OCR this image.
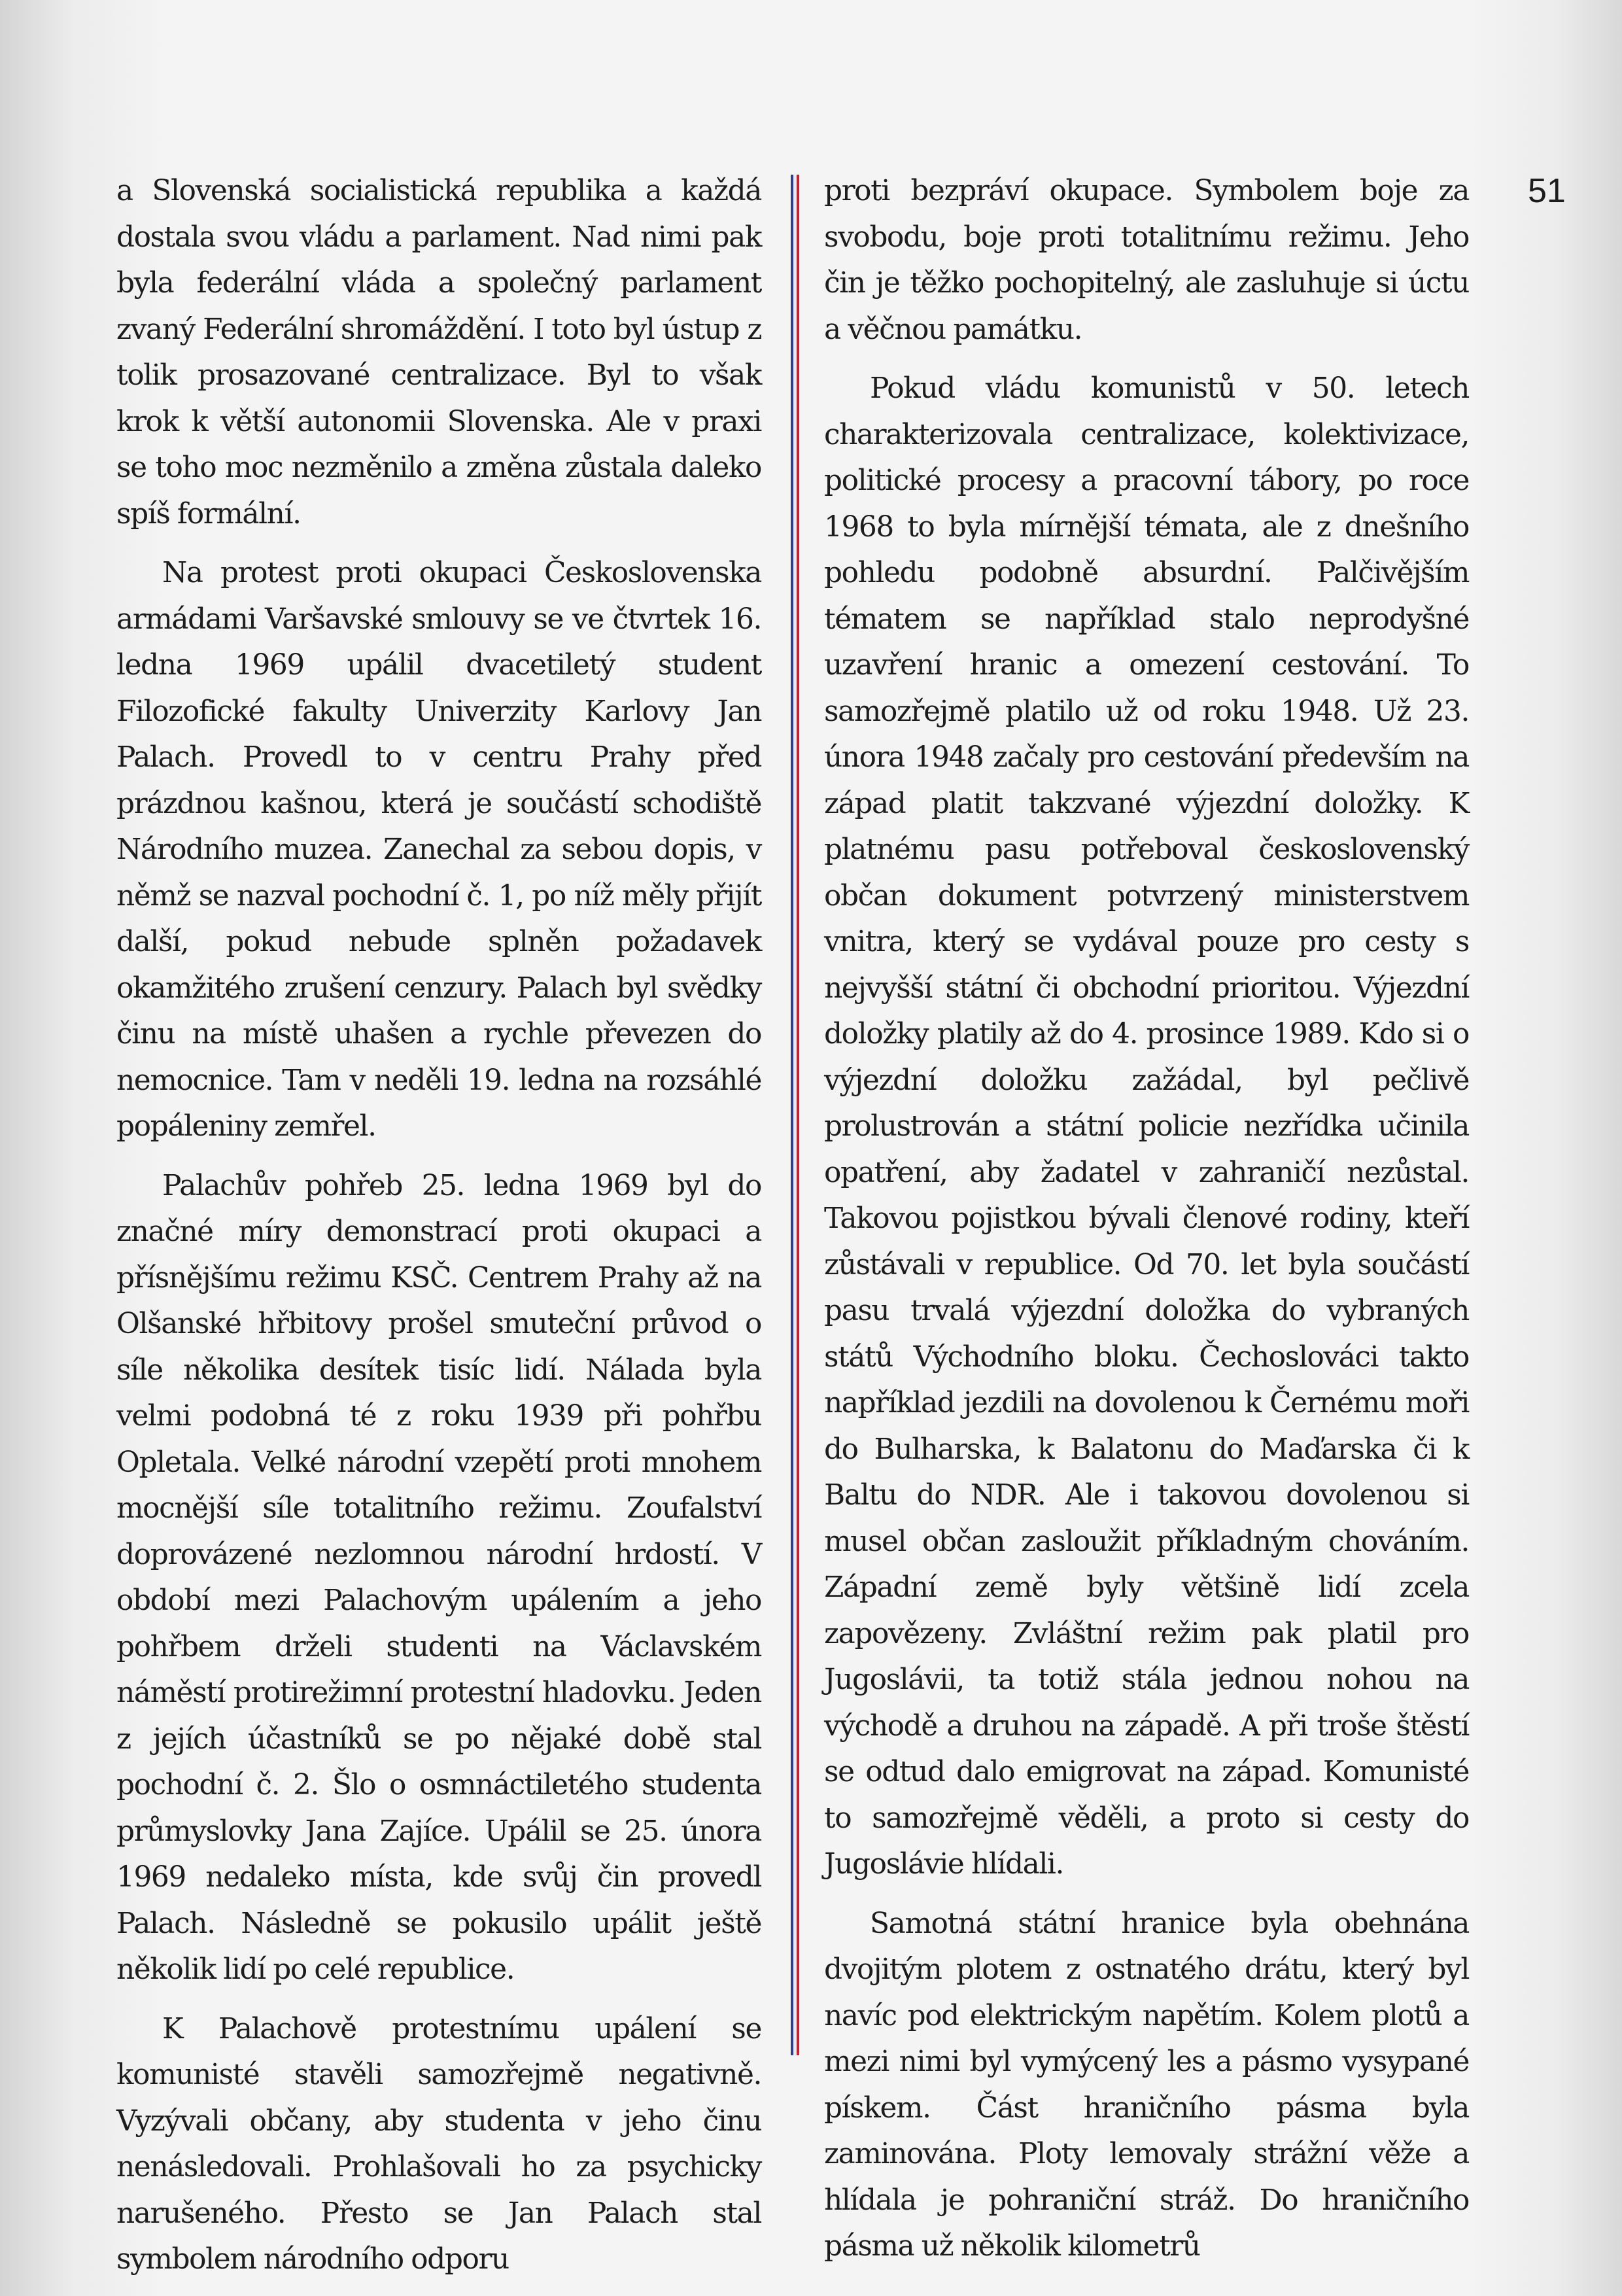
51

a Slovenská socialistická republika a každá dostala svou vládu a parlament. Nad nimi pak byla federální vláda a společný parlament zvaný Federální shromáždění. I toto byl ústup z tolik prosazované centralizace. Byl to však krok k větší autonomii Slovenska. Ale v praxi se toho moc nezměnilo a změna zůstala daleko spíš formální.

Na protest proti okupaci Československa armádami Varšavské smlouvy se ve čtvrtek 16. ledna 1969 upálil dvacetiletý student Filozofické fakulty Univerzity Karlovy Jan Palach. Provedl to v centru Prahy před prázdnou kašnou, která je součástí schodiště Národního muzea. Zanechal za sebou dopis, v němž se nazval pochodní č. 1, po níž měly přijít další, pokud nebude splněn požadavek okamžitého zrušení cenzury. Palach byl svědky činu na místě uhašen a rychle převezen do nemocnice. Tam v neděli 19. ledna na rozsáhlé popáleniny zemřel.

Palachův pohřeb 25. ledna 1969 byl do značné míry demonstrací proti okupaci a přísnějšímu režimu KSČ. Centrem Prahy až na Olšanské hřbitovy prošel smuteční průvod o síle několika desítek tisíc lidí. Nálada byla velmi podobná té z roku 1939 při pohřbu Opletala. Velké národní vzepětí proti mnohem mocnější síle totalitního režimu. Zoufalství doprovázené nezlomnou národní hrdostí. V období mezi Palachovým upálením a jeho pohřbem drželi studenti na Václavském náměstí protirežimní protestní hladovku. Jeden z jejích účastníků se po nějaké době stal pochodní č. 2. Šlo o osmnáctiletého studenta průmyslovky Jana Zajíce. Upálil se 25. února 1969 nedaleko místa, kde svůj čin provedl Palach. Následně se pokusilo upálit ještě několik lidí po celé republice.

K Palachově protestnímu upálení se komunisté stavěli samozřejmě negativně. Vyzývali občany, aby studenta v jeho činu nenásledovali. Prohlašovali ho za psychicky narušeného. Přesto se Jan Palach stal symbolem národního odporu

proti bezpráví okupace. Symbolem boje za svobodu, boje proti totalitnímu režimu. Jeho čin je těžko pochopitelný, ale zasluhuje si úctu a věčnou památku.

Pokud vládu komunistů v 50. letech charakterizovala centralizace, kolektivizace, politické procesy a pracovní tábory, po roce 1968 to byla mírnější témata, ale z dnešního pohledu podobně absurdní. Palčivějším tématem se například stalo neprodyšné uzavření hranic a omezení cestování. To samozřejmě platilo už od roku 1948. Už 23. února 1948 začaly pro cestování především na západ platit takzvané výjezdní doložky. K platnému pasu potřeboval československý občan dokument potvrzený ministerstvem vnitra, který se vydával pouze pro cesty s nejvyšší státní či obchodní prioritou. Výjezdní doložky platily až do 4. prosince 1989. Kdo si o výjezdní doložku zažádal, byl pečlivě prolustrován a státní policie nezřídka učinila opatření, aby žadatel v zahraničí nezůstal. Takovou pojistkou bývali členové rodiny, kteří zůstávali v republice. Od 70. let byla součástí pasu trvalá výjezdní doložka do vybraných států Východního bloku. Čechoslováci takto například jezdili na dovolenou k Černému moři do Bulharska, k Balatonu do Maďarska či k Baltu do NDR. Ale i takovou dovolenou si musel občan zasloužit příkladným chováním. Západní země byly většině lidí zcela zapovězeny. Zvláštní režim pak platil pro Jugoslávii, ta totiž stála jednou nohou na východě a druhou na západě. A při troše štěstí se odtud dalo emigrovat na západ. Komunisté to samozřejmě věděli, a proto si cesty do Jugoslávie hlídali.

Samotná státní hranice byla obehnána dvojitým plotem z ostnatého drátu, který byl navíc pod elektrickým napětím. Kolem plotů a mezi nimi byl vymýcený les a pásmo vysypané pískem. Část hraničního pásma byla zaminována. Ploty lemovaly strážní věže a hlídala je pohraniční stráž. Do hraničního pásma už několik kilometrů
